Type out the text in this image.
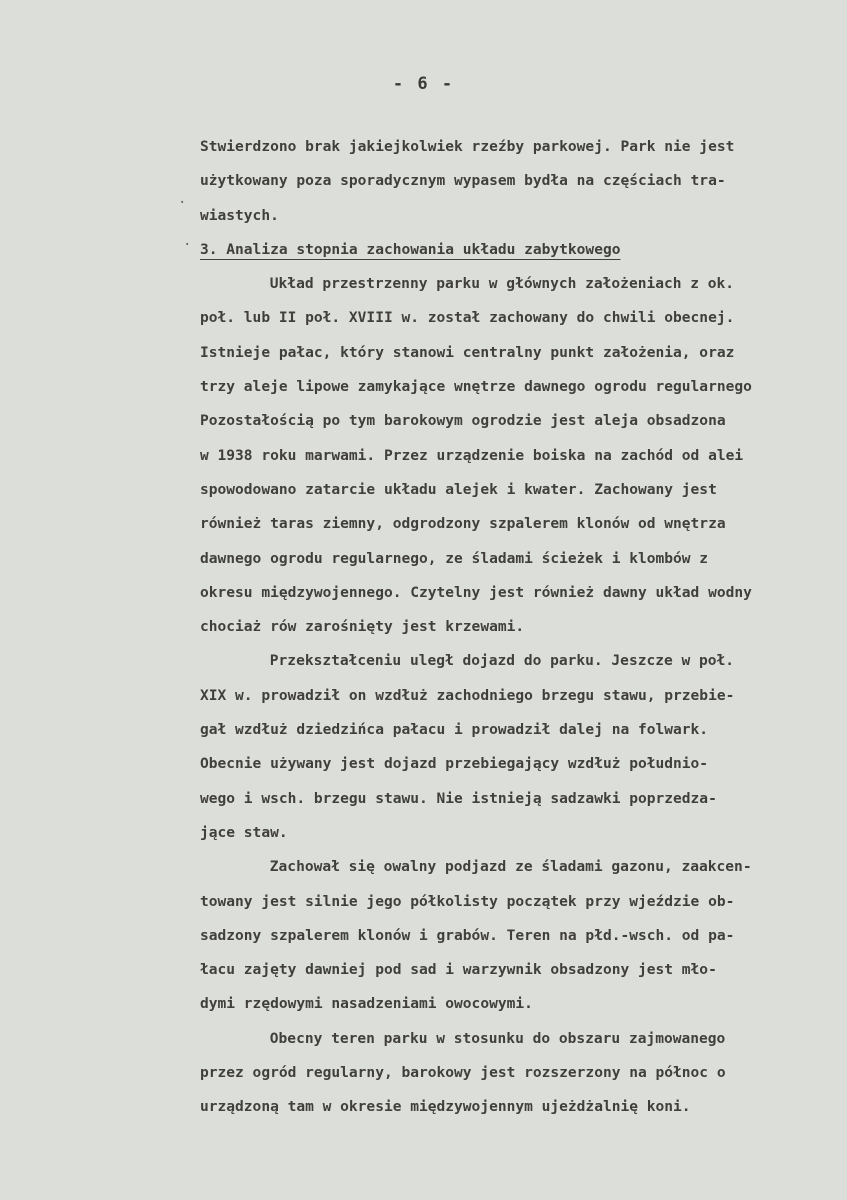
- 6 -
·
·
Stwierdzono brak jakiejkolwiek rzeźby parkowej. Park nie jest
użytkowany poza sporadycznym wypasem bydła na częściach tra-
wiastych.
3. Analiza stopnia zachowania układu zabytkowego
Układ przestrzenny parku w głównych założeniach z ok.
poł. lub II poł. XVIII w. został zachowany do chwili obecnej.
Istnieje pałac, który stanowi centralny punkt założenia, oraz
trzy aleje lipowe zamykające wnętrze dawnego ogrodu regularnego
Pozostałością po tym barokowym ogrodzie jest aleja obsadzona
w 1938 roku marwami. Przez urządzenie boiska na zachód od alei
spowodowano zatarcie układu alejek i kwater. Zachowany jest
również taras ziemny, odgrodzony szpalerem klonów od wnętrza
dawnego ogrodu regularnego, ze śladami ścieżek i klombów z
okresu międzywojennego. Czytelny jest również dawny układ wodny
chociaż rów zarośnięty jest krzewami.
Przekształceniu uległ dojazd do parku. Jeszcze w poł.
XIX w. prowadził on wzdłuż zachodniego brzegu stawu, przebie-
gał wzdłuż dziedzińca pałacu i prowadził dalej na folwark.
Obecnie używany jest dojazd przebiegający wzdłuż południo-
wego i wsch. brzegu stawu. Nie istnieją sadzawki poprzedza-
jące staw.
Zachował się owalny podjazd ze śladami gazonu, zaakcen-
towany jest silnie jego półkolisty początek przy wjeździe ob-
sadzony szpalerem klonów i grabów. Teren na płd.-wsch. od pa-
łacu zajęty dawniej pod sad i warzywnik obsadzony jest mło-
dymi rzędowymi nasadzeniami owocowymi.
Obecny teren parku w stosunku do obszaru zajmowanego
przez ogród regularny, barokowy jest rozszerzony na północ o
urządzoną tam w okresie międzywojennym ujeżdżalnię koni.
